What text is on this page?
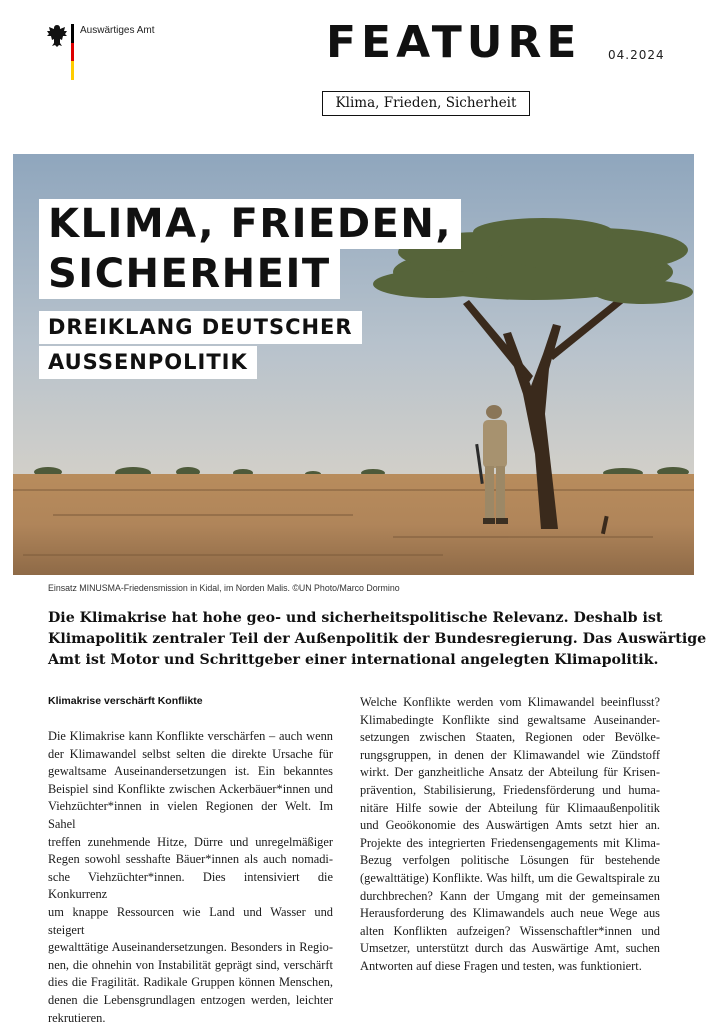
Auswärtiges Amt	FEATURE 04.2024
Klima, Frieden, Sicherheit
KLIMA, FRIEDEN,
SICHERHEIT
DREIKLANG DEUTSCHER
AUSSENPOLITIK
Einsatz MINUSMA-Friedensmission in Kidal, im Norden Malis. ©UN Photo/Marco Dormino
Die Klimakrise hat hohe geo- und sicherheitspolitische Relevanz. Deshalb ist
Klimapolitik zentraler Teil der Außenpolitik der Bundesregierung. Das Auswärtige
Amt ist Motor und Schrittgeber einer international angelegten Klimapolitik.
Klimakrise verschärft Konflikte
Die Klimakrise kann Konflikte verschärfen – auch wenn
der Klimawandel selbst selten die direkte Ursache für
gewaltsame Auseinandersetzungen ist. Ein bekanntes
Beispiel sind Konflikte zwischen Ackerbäuer*innen und
Viehzüchter*innen in vielen Regionen der Welt. Im Sahel
treffen zunehmende Hitze, Dürre und unregelmäßiger
Regen sowohl sesshafte Bäuer*innen als auch nomadi-
sche Viehzüchter*innen. Dies intensiviert die Konkurrenz
um knappe Ressourcen wie Land und Wasser und steigert
gewalttätige Auseinandersetzungen. Besonders in Regio-
nen, die ohnehin von Instabilität geprägt sind, verschärft
dies die Fragilität. Radikale Gruppen können Menschen,
denen die Lebensgrundlagen entzogen werden, leichter
rekrutieren.
Welche Konflikte werden vom Klimawandel beeinflusst?
Klimabedingte Konflikte sind gewaltsame Auseinander-
setzungen zwischen Staaten, Regionen oder Bevölke-
rungsgruppen, in denen der Klimawandel wie Zündstoff
wirkt. Der ganzheitliche Ansatz der Abteilung für Krisen-
prävention, Stabilisierung, Friedensförderung und huma-
nitäre Hilfe sowie der Abteilung für Klimaaußenpolitik
und Geoökonomie des Auswärtigen Amts setzt hier an.
Projekte des integrierten Friedensengagements mit Klima-
Bezug verfolgen politische Lösungen für bestehende
(gewalttätige) Konflikte. Was hilft, um die Gewaltspirale zu
durchbrechen? Kann der Umgang mit der gemeinsamen
Herausforderung des Klimawandels auch neue Wege aus
alten Konflikten aufzeigen? Wissenschaftler*innen und
Umsetzer, unterstützt durch das Auswärtige Amt, suchen
Antworten auf diese Fragen und testen, was funktioniert.
